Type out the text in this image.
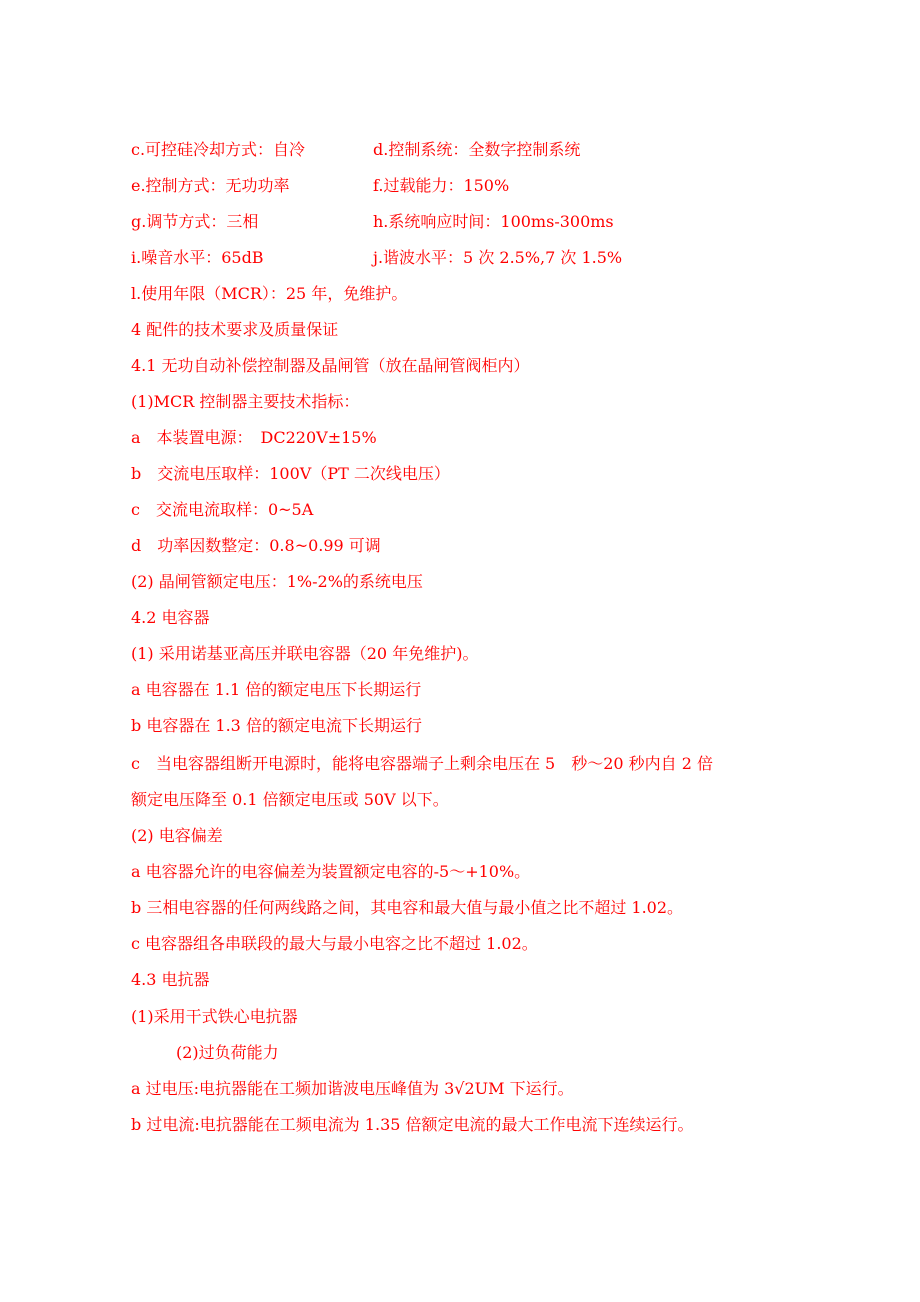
c.可控硅冷却方式：自冷	d.控制系统：全数字控制系统
e.控制方式：无功功率	f.过载能力：150%
g.调节方式：三相	h.系统响应时间：100ms-300ms
i.噪音水平：65dB	j.谐波水平：5 次 2.5%,7 次 1.5%
l.使用年限（MCR）：25 年，免维护。
4 配件的技术要求及质量保证
4.1 无功自动补偿控制器及晶闸管（放在晶闸管阀柜内）
(1)MCR 控制器主要技术指标：
a　本装置电源：　DC220V±15%
b　交流电压取样：100V（PT 二次线电压）
c　交流电流取样：0~5A
d　功率因数整定：0.8~0.99 可调
(2) 晶闸管额定电压：1%-2%的系统电压
4.2 电容器
(1) 采用诺基亚高压并联电容器（20 年免维护)。
a 电容器在 1.1 倍的额定电压下长期运行
b 电容器在 1.3 倍的额定电流下长期运行
c　当电容器组断开电源时，能将电容器端子上剩余电压在 5　秒～20 秒内自 2 倍
额定电压降至 0.1 倍额定电压或 50V 以下。
(2) 电容偏差
a 电容器允许的电容偏差为装置额定电容的-5～+10%。
b 三相电容器的任何两线路之间，其电容和最大值与最小值之比不超过 1.02。
c 电容器组各串联段的最大与最小电容之比不超过 1.02。
4.3 电抗器
(1)采用干式铁心电抗器
(2)过负荷能力
a 过电压:电抗器能在工频加谐波电压峰值为 3√2UM 下运行。
b 过电流:电抗器能在工频电流为 1.35 倍额定电流的最大工作电流下连续运行。
